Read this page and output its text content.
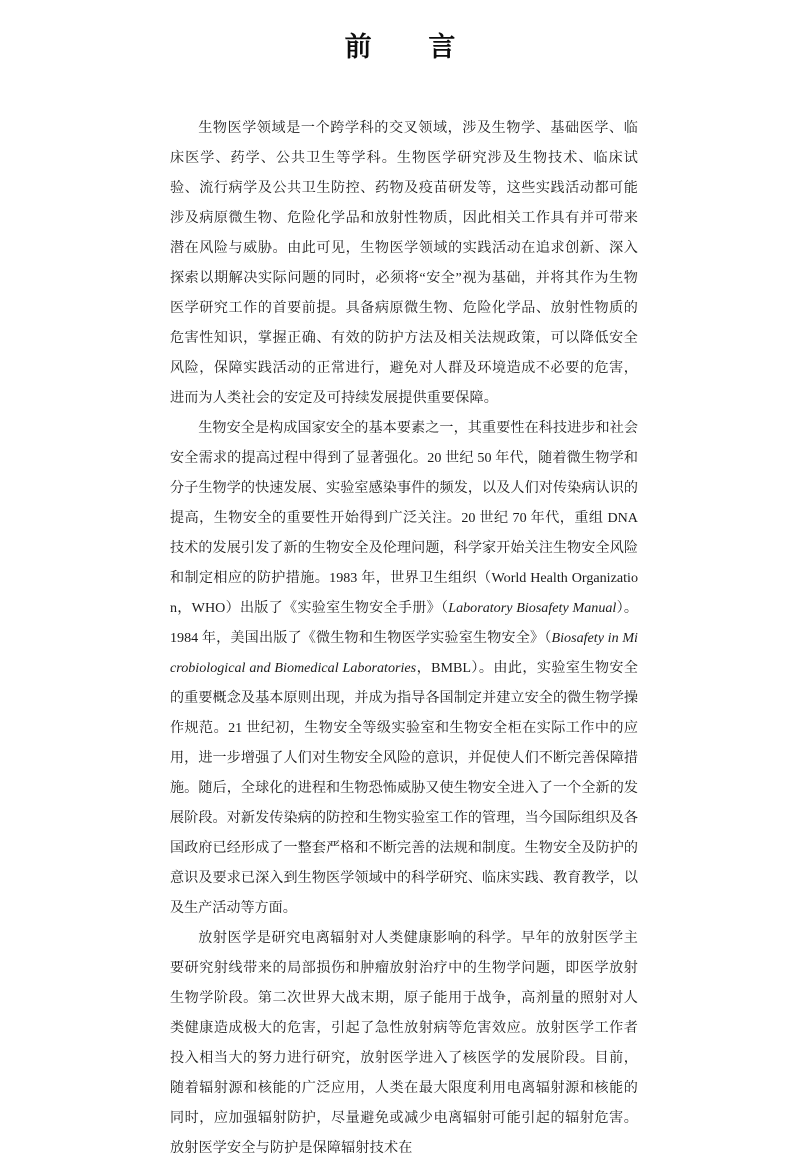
前　言

生物医学领域是一个跨学科的交叉领域，涉及生物学、基础医学、临床医学、药学、公共卫生等学科。生物医学研究涉及生物技术、临床试验、流行病学及公共卫生防控、药物及疫苗研发等，这些实践活动都可能涉及病原微生物、危险化学品和放射性物质，因此相关工作具有并可带来潜在风险与威胁。由此可见，生物医学领域的实践活动在追求创新、深入探索以期解决实际问题的同时，必须将“安全”视为基础，并将其作为生物医学研究工作的首要前提。具备病原微生物、危险化学品、放射性物质的危害性知识，掌握正确、有效的防护方法及相关法规政策，可以降低安全风险，保障实践活动的正常进行，避免对人群及环境造成不必要的危害，进而为人类社会的安定及可持续发展提供重要保障。

生物安全是构成国家安全的基本要素之一，其重要性在科技进步和社会安全需求的提高过程中得到了显著强化。20 世纪 50 年代，随着微生物学和分子生物学的快速发展、实验室感染事件的频发，以及人们对传染病认识的提高，生物安全的重要性开始得到广泛关注。20 世纪 70 年代，重组 DNA 技术的发展引发了新的生物安全及伦理问题，科学家开始关注生物安全风险和制定相应的防护措施。1983 年，世界卫生组织（World Health Organization，WHO）出版了《实验室生物安全手册》（Laboratory Biosafety Manual）。1984 年，美国出版了《微生物和生物医学实验室生物安全》（Biosafety in Microbiological and Biomedical Laboratories，BMBL）。由此，实验室生物安全的重要概念及基本原则出现，并成为指导各国制定并建立安全的微生物学操作规范。21 世纪初，生物安全等级实验室和生物安全柜在实际工作中的应用，进一步增强了人们对生物安全风险的意识，并促使人们不断完善保障措施。随后，全球化的进程和生物恐怖威胁又使生物安全进入了一个全新的发展阶段。对新发传染病的防控和生物实验室工作的管理，当今国际组织及各国政府已经形成了一整套严格和不断完善的法规和制度。生物安全及防护的意识及要求已深入到生物医学领域中的科学研究、临床实践、教育教学，以及生产活动等方面。

放射医学是研究电离辐射对人类健康影响的科学。早年的放射医学主要研究射线带来的局部损伤和肿瘤放射治疗中的生物学问题，即医学放射生物学阶段。第二次世界大战末期，原子能用于战争，高剂量的照射对人类健康造成极大的危害，引起了急性放射病等危害效应。放射医学工作者投入相当大的努力进行研究，放射医学进入了核医学的发展阶段。目前，随着辐射源和核能的广泛应用，人类在最大限度利用电离辐射源和核能的同时，应加强辐射防护，尽量避免或减少电离辐射可能引起的辐射危害。放射医学安全与防护是保障辐射技术在
